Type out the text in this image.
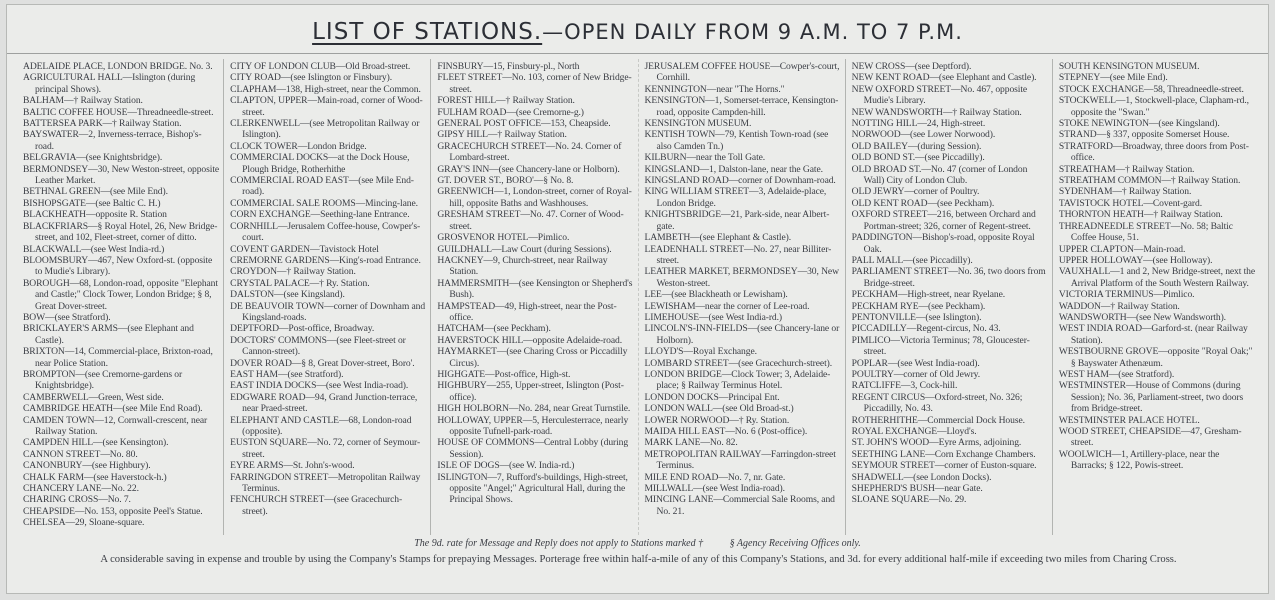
LIST OF STATIONS.—OPEN DAILY FROM 9 A.M. TO 7 P.M.

ADELAIDE PLACE, LONDON BRIDGE. No. 3.

AGRICULTURAL HALL—Islington (during principal Shows).

BALHAM—† Railway Station.

BALTIC COFFEE HOUSE—Threadneedle-street.

BATTERSEA PARK—† Railway Station.

BAYSWATER—2, Inverness-terrace, Bishop's-road.

BELGRAVIA—(see Knightsbridge).

BERMONDSEY—30, New Weston-street, opposite Leather Market.

BETHNAL GREEN—(see Mile End).

BISHOPSGATE—(see Baltic C. H.)

BLACKHEATH—opposite R. Station

BLACKFRIARS—§ Royal Hotel, 26, New Bridge-street, and 102, Fleet-street, corner of ditto.

BLACKWALL—(see West India-rd.)

BLOOMSBURY—467, New Oxford-st. (opposite to Mudie's Library).

BOROUGH—68, London-road, opposite "Elephant and Castle;" Clock Tower, London Bridge; § 8, Great Dover-street.

BOW—(see Stratford).

BRICKLAYER'S ARMS—(see Elephant and Castle).

BRIXTON—14, Commercial-place, Brixton-road, near Police Station.

BROMPTON—(see Cremorne-gardens or Knightsbridge).

CAMBERWELL—Green, West side.

CAMBRIDGE HEATH—(see Mile End Road).

CAMDEN TOWN—12, Cornwall-crescent, near Railway Station.

CAMPDEN HILL—(see Kensington).

CANNON STREET—No. 80.

CANONBURY—(see Highbury).

CHALK FARM—(see Haverstock-h.)

CHANCERY LANE—No. 22.

CHARING CROSS—No. 7.

CHEAPSIDE—No. 153, opposite Peel's Statue.

CHELSEA—29, Sloane-square.

CITY OF LONDON CLUB—Old Broad-street.

CITY ROAD—(see Islington or Finsbury).

CLAPHAM—138, High-street, near the Common.

CLAPTON, UPPER—Main-road, corner of Wood-street.

CLERKENWELL—(see Metropolitan Railway or Islington).

CLOCK TOWER—London Bridge.

COMMERCIAL DOCKS—at the Dock House, Plough Bridge, Rotherhithe

COMMERCIAL ROAD EAST—(see Mile End-road).

COMMERCIAL SALE ROOMS—Mincing-lane.

CORN EXCHANGE—Seething-lane Entrance.

CORNHILL—Jerusalem Coffee-house, Cowper's-court.

COVENT GARDEN—Tavistock Hotel

CREMORNE GARDENS—King's-road Entrance.

CROYDON—† Railway Station.

CRYSTAL PALACE—† Ry. Station.

DALSTON—(see Kingsland).

DE BEAUVOIR TOWN—corner of Downham and Kingsland-roads.

DEPTFORD—Post-office, Broadway.

DOCTORS' COMMONS—(see Fleet-street or Cannon-street).

DOVER ROAD—§ 8, Great Dover-street, Boro'.

EAST HAM—(see Stratford).

EAST INDIA DOCKS—(see West India-road).

EDGWARE ROAD—94, Grand Junction-terrace, near Praed-street.

ELEPHANT AND CASTLE—68, London-road (opposite).

EUSTON SQUARE—No. 72, corner of Seymour-street.

EYRE ARMS—St. John's-wood.

FARRINGDON STREET—Metropolitan Railway Terminus.

FENCHURCH STREET—(see Gracechurch-street).

FINSBURY—15, Finsbury-pl., North

FLEET STREET—No. 103, corner of New Bridge-street.

FOREST HILL—† Railway Station.

FULHAM ROAD—(see Cremorne-g.)

GENERAL POST OFFICE—153, Cheapside.

GIPSY HILL—† Railway Station.

GRACECHURCH STREET—No. 24. Corner of Lombard-street.

GRAY'S INN—(see Chancery-lane or Holborn).

GT. DOVER ST., BORO'—§ No. 8.

GREENWICH—1, London-street, corner of Royal-hill, opposite Baths and Washhouses.

GRESHAM STREET—No. 47. Corner of Wood-street.

GROSVENOR HOTEL—Pimlico.

GUILDHALL—Law Court (during Sessions).

HACKNEY—9, Church-street, near Railway Station.

HAMMERSMITH—(see Kensington or Shepherd's Bush).

HAMPSTEAD—49, High-street, near the Post-office.

HATCHAM—(see Peckham).

HAVERSTOCK HILL—opposite Adelaide-road.

HAYMARKET—(see Charing Cross or Piccadilly Circus).

HIGHGATE—Post-office, High-st.

HIGHBURY—255, Upper-street, Islington (Post-office).

HIGH HOLBORN—No. 284, near Great Turnstile.

HOLLOWAY, UPPER—5, Herculesterrace, nearly opposite Tufnell-park-road.

HOUSE OF COMMONS—Central Lobby (during Session).

ISLE OF DOGS—(see W. India-rd.)

ISLINGTON—7, Rufford's-buildings, High-street, opposite "Angel;" Agricultural Hall, during the Principal Shows.

JERUSALEM COFFEE HOUSE—Cowper's-court, Cornhill.

KENNINGTON—near "The Horns."

KENSINGTON—1, Somerset-terrace, Kensington-road, opposite Campden-hill.

KENSINGTON MUSEUM.

KENTISH TOWN—79, Kentish Town-road (see also Camden Tn.)

KILBURN—near the Toll Gate.

KINGSLAND—1, Dalston-lane, near the Gate.

KINGSLAND ROAD—corner of Downham-road.

KING WILLIAM STREET—3, Adelaide-place, London Bridge.

KNIGHTSBRIDGE—21, Park-side, near Albert-gate.

LAMBETH—(see Elephant & Castle).

LEADENHALL STREET—No. 27, near Billiter-street.

LEATHER MARKET, BERMONDSEY—30, New Weston-street.

LEE—(see Blackheath or Lewisham).

LEWISHAM—near the corner of Lee-road.

LIMEHOUSE—(see West India-rd.)

LINCOLN'S-INN-FIELDS—(see Chancery-lane or Holborn).

LLOYD'S—Royal Exchange.

LOMBARD STREET—(see Gracechurch-street).

LONDON BRIDGE—Clock Tower; 3, Adelaide-place; § Railway Terminus Hotel.

LONDON DOCKS—Principal Ent.

LONDON WALL—(see Old Broad-st.)

LOWER NORWOOD—† Ry. Station.

MAIDA HILL EAST—No. 6 (Post-office).

MARK LANE—No. 82.

METROPOLITAN RAILWAY—Farringdon-street Terminus.

MILE END ROAD—No. 7, nr. Gate.

MILLWALL—(see West India-road).

MINCING LANE—Commercial Sale Rooms, and No. 21.

NEW CROSS—(see Deptford).

NEW KENT ROAD—(see Elephant and Castle).

NEW OXFORD STREET—No. 467, opposite Mudie's Library.

NEW WANDSWORTH—† Railway Station.

NOTTING HILL—24, High-street.

NORWOOD—(see Lower Norwood).

OLD BAILEY—(during Session).

OLD BOND ST.—(see Piccadilly).

OLD BROAD ST.—No. 47 (corner of London Wall) City of London Club.

OLD JEWRY—corner of Poultry.

OLD KENT ROAD—(see Peckham).

OXFORD STREET—216, between Orchard and Portman-street; 326, corner of Regent-street.

PADDINGTON—Bishop's-road, opposite Royal Oak.

PALL MALL—(see Piccadilly).

PARLIAMENT STREET—No. 36, two doors from Bridge-street.

PECKHAM—High-street, near Ryelane.

PECKHAM RYE—(see Peckham).

PENTONVILLE—(see Islington).

PICCADILLY—Regent-circus, No. 43.

PIMLICO—Victoria Terminus; 78, Gloucester-street.

POPLAR—(see West India-road).

POULTRY—corner of Old Jewry.

RATCLIFFE—3, Cock-hill.

REGENT CIRCUS—Oxford-street, No. 326; Piccadilly, No. 43.

ROTHERHITHE—Commercial Dock House.

ROYAL EXCHANGE—Lloyd's.

ST. JOHN'S WOOD—Eyre Arms, adjoining.

SEETHING LANE—Corn Exchange Chambers.

SEYMOUR STREET—corner of Euston-square.

SHADWELL—(see London Docks).

SHEPHERD'S BUSH—near Gate.

SLOANE SQUARE—No. 29.

SOUTH KENSINGTON MUSEUM.

STEPNEY—(see Mile End).

STOCK EXCHANGE—58, Threadneedle-street.

STOCKWELL—1, Stockwell-place, Clapham-rd., opposite the "Swan."

STOKE NEWINGTON—(see Kingsland).

STRAND—§ 337, opposite Somerset House.

STRATFORD—Broadway, three doors from Post-office.

STREATHAM—† Railway Station.

STREATHAM COMMON—† Railway Station.

SYDENHAM—† Railway Station.

TAVISTOCK HOTEL—Covent-gard.

THORNTON HEATH—† Railway Station.

THREADNEEDLE STREET—No. 58; Baltic Coffee House, 51.

UPPER CLAPTON—Main-road.

UPPER HOLLOWAY—(see Holloway).

VAUXHALL—1 and 2, New Bridge-street, next the Arrival Platform of the South Western Railway.

VICTORIA TERMINUS—Pimlico.

WADDON—† Railway Station.

WANDSWORTH—(see New Wandsworth).

WEST INDIA ROAD—Garford-st. (near Railway Station).

WESTBOURNE GROVE—opposite "Royal Oak;" § Bayswater Athenæum.

WEST HAM—(see Stratford).

WESTMINSTER—House of Commons (during Session); No. 36, Parliament-street, two doors from Bridge-street.

WESTMINSTER PALACE HOTEL.

WOOD STREET, CHEAPSIDE—47, Gresham-street.

WOOLWICH—1, Artillery-place, near the Barracks; § 122, Powis-street.

The 9d. rate for Message and Reply does not apply to Stations marked †	§ Agency Receiving Offices only.
A considerable saving in expense and trouble by using the Company's Stamps for prepaying Messages. Porterage free within half-a-mile of any of this Company's Stations, and 3d. for every additional half-mile if exceeding two miles from Charing Cross.
